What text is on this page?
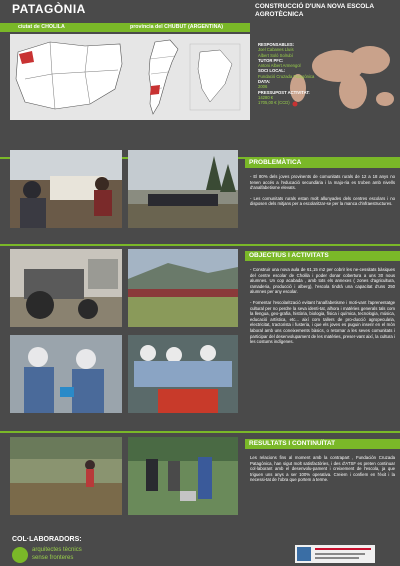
PATAGÒNIA	CONSTRUCCIÓ D'UNA NOVA ESCOLA
AGROTÈCNICA
ciutat de CHOLILA	provincia del CHUBUT (ARGENTINA)
RESPONSABLES:
Joel Cabanes Lluís
Albert Soló Solrubí
TUTOR PFC:
Antoni Albert Armengol
SOCI LOCAL:
Fundació Cruzada Patagónica
DATA:
2006
PRESSUPOST ACTIVITAT:
14280 €
1705,00 € (CCD)
PROBLEMÀTICA

- El 80% dels joves provinents de comunitats rurals de 12 a 18 anys no tenen accés a l'educació secundària i la majo-ria es troben amb nivells d'analfabetisme elevats.

- Les comunitats rurals estan molt allunyades dels centres escolars i no disposen dels mitjans per a escolaritzar-se per la manca d'infraestructures.

OBJECTIUS I ACTIVITATS

- Construir una nova aula de 61,15 m2 per cobrir les ne-cessitats bàsiques del centre escolar de Cholila i poder donar cobertura a uns 30 nous alumnes. Un cop acabada , amb tots els annexes ( zones d'agricultura, ramaderia, producció i alberg), l'escola tindrà una capacitat d'uns 250 alumnes per any escolar.

- Fomentar l'escolarització evitant l'analfabetisme i moti-vant l'aprenentatge cultural per no perdre la seva identi-tat, alhora i matèries generals tals com la llengua, geo-grafia, història, biologia, física i química, tecnologia, música, educació artística, etc... així com tallers de pro-ducció agropecuària, electricitat, tractorista i fusteria, i que els joves es puguin inserir en el món laboral amb uns coneixements bàsics, o retornar a les seves comunitats i participar del desenvolupament de les matèries, preser-vant així, la cultura i les costums indígenes.

RESULTATS I CONTINUÏTAT

Les relacions fins al moment amb la contrapart , Fundación Cruzada Patagónica, han sigut molt satisfactòries, i des d'ATSF es preten continuar col·laborant amb el desenvolu-pament i creixement de l'escola, ja que triguen uns anys a ser 100% operativa. Creiem i confiem en l'èxit i la necessi-tat de l'obra que portem a terme.

COL·LABORADORS:
arquitectes tècnics
sense fronteres
